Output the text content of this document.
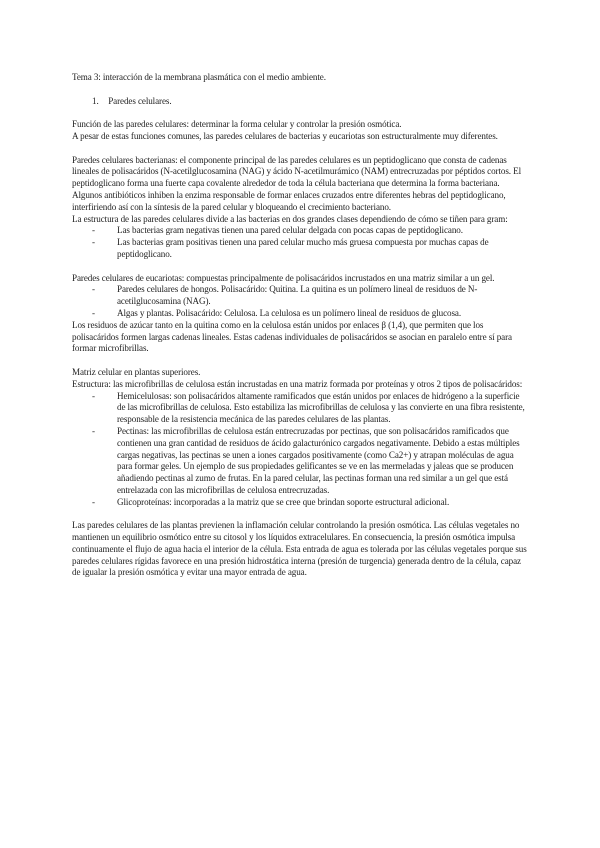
Tema 3: interacción de la membrana plasmática con el medio ambiente.

1. Paredes celulares.

Función de las paredes celulares: determinar la forma celular y controlar la presión osmótica.

A pesar de estas funciones comunes, las paredes celulares de bacterias y eucariotas son estructuralmente muy diferentes.

Paredes celulares bacterianas: el componente principal de las paredes celulares es un peptidoglicano que consta de cadenas lineales de polisacáridos (N-acetilglucosamina (NAG) y ácido N-acetilmurámico (NAM) entrecruzadas por péptidos cortos. El peptidoglicano forma una fuerte capa covalente alrededor de toda la célula bacteriana que determina la forma bacteriana.

Algunos antibióticos inhiben la enzima responsable de formar enlaces cruzados entre diferentes hebras del peptidoglicano, interfiriendo así con la síntesis de la pared celular y bloqueando el crecimiento bacteriano.

La estructura de las paredes celulares divide a las bacterias en dos grandes clases dependiendo de cómo se tiñen para gram:

- Las bacterias gram negativas tienen una pared celular delgada con pocas capas de peptidoglicano.
- Las bacterias gram positivas tienen una pared celular mucho más gruesa compuesta por muchas capas de peptidoglicano.

Paredes celulares de eucariotas: compuestas principalmente de polisacáridos incrustados en una matriz similar a un gel.

- Paredes celulares de hongos. Polisacárido: Quitina. La quitina es un polímero lineal de residuos de N-acetilglucosamina (NAG).
- Algas y plantas. Polisacárido: Celulosa. La celulosa es un polímero lineal de residuos de glucosa.

Los residuos de azúcar tanto en la quitina como en la celulosa están unidos por enlaces β (1,4), que permiten que los polisacáridos formen largas cadenas lineales. Estas cadenas individuales de polisacáridos se asocian en paralelo entre sí para formar microfibrillas.

Matriz celular en plantas superiores.

Estructura: las microfibrillas de celulosa están incrustadas en una matriz formada por proteínas y otros 2 tipos de polisacáridos:

- Hemicelulosas: son polisacáridos altamente ramificados que están unidos por enlaces de hidrógeno a la superficie de las microfibrillas de celulosa. Esto estabiliza las microfibrillas de celulosa y las convierte en una fibra resistente, responsable de la resistencia mecánica de las paredes celulares de las plantas.
- Pectinas: las microfibrillas de celulosa están entrecruzadas por pectinas, que son polisacáridos ramificados que contienen una gran cantidad de residuos de ácido galacturónico cargados negativamente. Debido a estas múltiples cargas negativas, las pectinas se unen a iones cargados positivamente (como Ca2+) y atrapan moléculas de agua para formar geles. Un ejemplo de sus propiedades gelificantes se ve en las mermeladas y jaleas que se producen añadiendo pectinas al zumo de frutas. En la pared celular, las pectinas forman una red similar a un gel que está entrelazada con las microfibrillas de celulosa entrecruzadas.
- Glicoproteínas: incorporadas a la matriz que se cree que brindan soporte estructural adicional.

Las paredes celulares de las plantas previenen la inflamación celular controlando la presión osmótica. Las células vegetales no mantienen un equilibrio osmótico entre su citosol y los líquidos extracelulares. En consecuencia, la presión osmótica impulsa continuamente el flujo de agua hacia el interior de la célula. Esta entrada de agua es tolerada por las células vegetales porque sus paredes celulares rígidas favorece en una presión hidrostática interna (presión de turgencia) generada dentro de la célula, capaz de igualar la presión osmótica y evitar una mayor entrada de agua.
